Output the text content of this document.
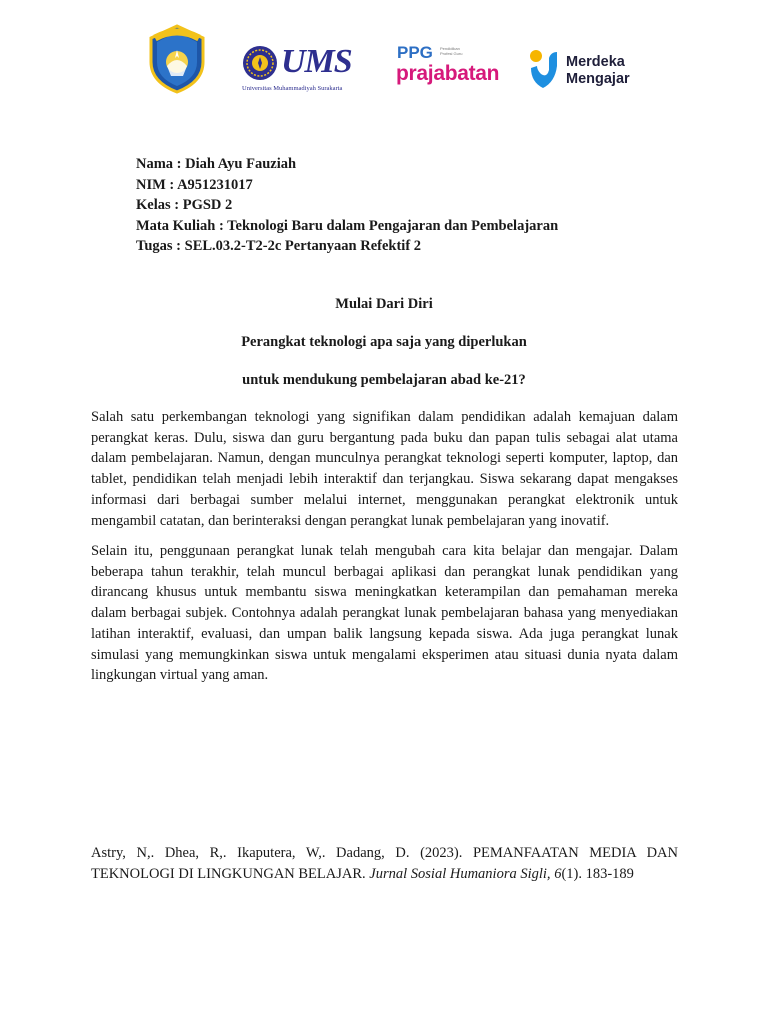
UMS
Universitas Muhammadiyah Surakarta
PPG Pendidikan Profesi Guru
prajabatan	Merdeka
Mengajar
Nama : Diah Ayu Fauziah
NIM : A951231017
Kelas : PGSD 2
Mata Kuliah : Teknologi Baru dalam Pengajaran dan Pembelajaran
Tugas : SEL.03.2-T2-2c Pertanyaan Refektif 2
Mulai Dari Diri
Perangkat teknologi apa saja yang diperlukan
untuk mendukung pembelajaran abad ke-21?
Salah satu perkembangan teknologi yang signifikan dalam pendidikan adalah kemajuan dalam perangkat keras. Dulu, siswa dan guru bergantung pada buku dan papan tulis sebagai alat utama dalam pembelajaran. Namun, dengan munculnya perangkat teknologi seperti komputer, laptop, dan tablet, pendidikan telah menjadi lebih interaktif dan terjangkau. Siswa sekarang dapat mengakses informasi dari berbagai sumber melalui internet, menggunakan perangkat elektronik untuk mengambil catatan, dan berinteraksi dengan perangkat lunak pembelajaran yang inovatif.
Selain itu, penggunaan perangkat lunak telah mengubah cara kita belajar dan mengajar. Dalam beberapa tahun terakhir, telah muncul berbagai aplikasi dan perangkat lunak pendidikan yang dirancang khusus untuk membantu siswa meningkatkan keterampilan dan pemahaman mereka dalam berbagai subjek. Contohnya adalah perangkat lunak pembelajaran bahasa yang menyediakan latihan interaktif, evaluasi, dan umpan balik langsung kepada siswa. Ada juga perangkat lunak simulasi yang memungkinkan siswa untuk mengalami eksperimen atau situasi dunia nyata dalam lingkungan virtual yang aman.
Astry, N,. Dhea, R,. Ikaputera, W,. Dadang, D. (2023). PEMANFAATAN MEDIA DAN TEKNOLOGI DI LINGKUNGAN BELAJAR. Jurnal Sosial Humaniora Sigli, 6(1). 183-189
